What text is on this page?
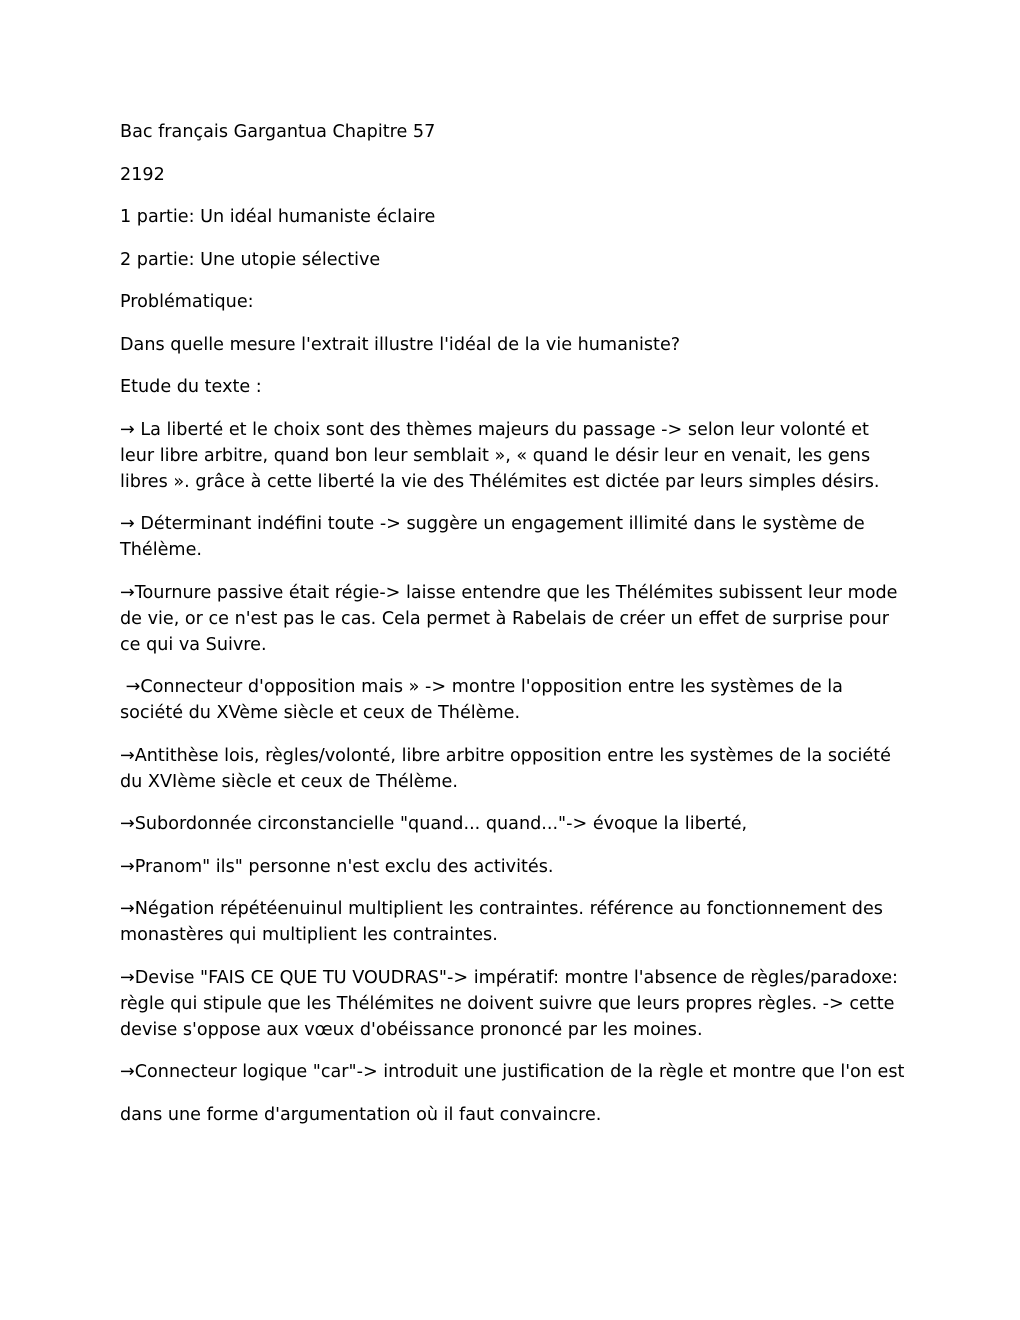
Bac français Gargantua Chapitre 57

2192

1 partie: Un idéal humaniste éclaire

2 partie: Une utopie sélective

Problématique:

Dans quelle mesure l'extrait illustre l'idéal de la vie humaniste?

Etude du texte :

→ La liberté et le choix sont des thèmes majeurs du passage -> selon leur volonté et leur libre arbitre, quand bon leur semblait », « quand le désir leur en venait, les gens libres ». grâce à cette liberté la vie des Thélémites est dictée par leurs simples désirs.

→ Déterminant indéfini toute -> suggère un engagement illimité dans le système de Thélème.

→Tournure passive était régie-> laisse entendre que les Thélémites subissent leur mode de vie, or ce n'est pas le cas. Cela permet à Rabelais de créer un effet de surprise pour ce qui va Suivre.

→Connecteur d'opposition mais » -> montre l'opposition entre les systèmes de la société du XVème siècle et ceux de Thélème.

→Antithèse lois, règles/volonté, libre arbitre opposition entre les systèmes de la société du XVIème siècle et ceux de Thélème.

→Subordonnée circonstancielle "quand... quand..."-> évoque la liberté,

→Pranom" ils" personne n'est exclu des activités.

→Négation répétéenuinul multiplient les contraintes. référence au fonctionnement des monastères qui multiplient les contraintes.

→Devise "FAIS CE QUE TU VOUDRAS"-> impératif: montre l'absence de règles/paradoxe: règle qui stipule que les Thélémites ne doivent suivre que leurs propres règles. -> cette devise s'oppose aux vœux d'obéissance prononcé par les moines.

→Connecteur logique "car"-> introduit une justification de la règle et montre que l'on est

dans une forme d'argumentation où il faut convaincre.
